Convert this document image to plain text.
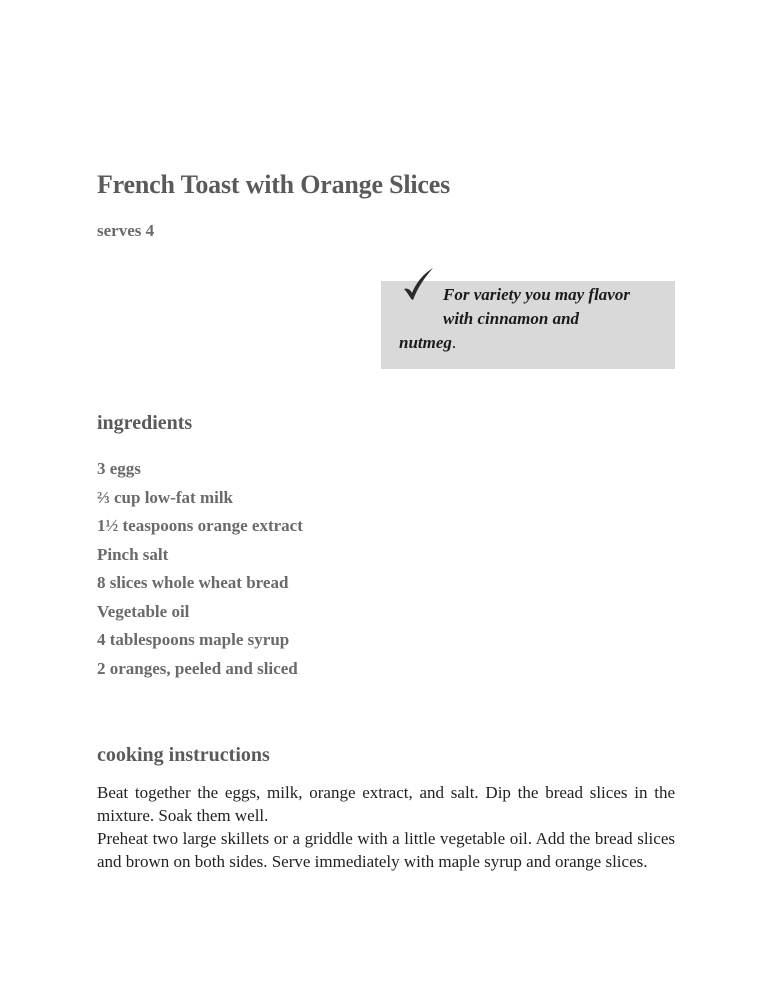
French Toast with Orange Slices
serves 4
For variety you may flavor
with cinnamon and
nutmeg.
ingredients
3 eggs
⅔ cup low-fat milk
1½ teaspoons orange extract
Pinch salt
8 slices whole wheat bread
Vegetable oil
4 tablespoons maple syrup
2 oranges, peeled and sliced
cooking instructions

Beat together the eggs, milk, orange extract, and salt. Dip the bread slices in the mixture. Soak them well.

Preheat two large skillets or a griddle with a little vegetable oil. Add the bread slices and brown on both sides. Serve immediately with maple syrup and orange slices.
